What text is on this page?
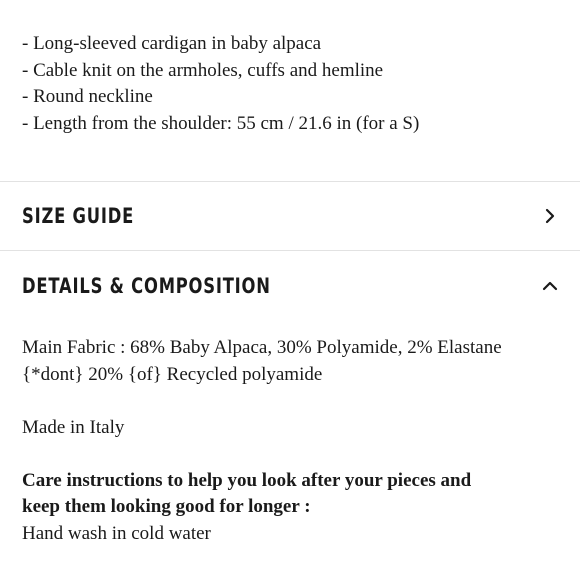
- Long-sleeved cardigan in baby alpaca
- Cable knit on the armholes, cuffs and hemline
- Round neckline
- Length from the shoulder: 55 cm / 21.6 in (for a S)
SIZE GUIDE
DETAILS & COMPOSITION
Main Fabric : 68% Baby Alpaca, 30% Polyamide, 2% Elastane
{*dont} 20% {of} Recycled polyamide
Made in Italy
Care instructions to help you look after your pieces and
keep them looking good for longer :
Hand wash in cold water
